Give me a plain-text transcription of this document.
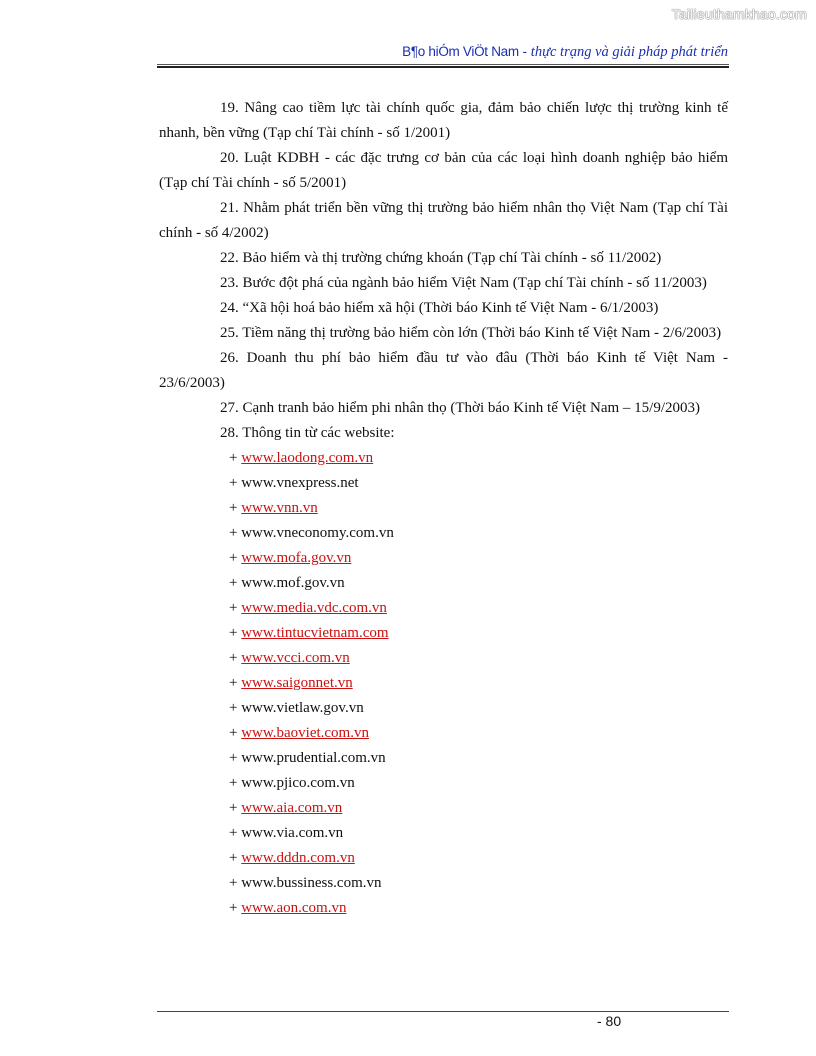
Tailieuthamkhao.com
B¶o hiÓm ViÖt Nam - thực trạng và giải pháp phát triển

19. Nâng cao tiềm lực tài chính quốc gia, đảm bảo chiến lược thị trường kinh tế nhanh, bền vững (Tạp chí Tài chính - số 1/2001)

20. Luật KDBH - các đặc trưng cơ bản của các loại hình doanh nghiệp bảo hiểm (Tạp chí Tài chính - số 5/2001)

21. Nhằm phát triển bền vững thị trường bảo hiểm nhân thọ Việt Nam (Tạp chí Tài chính - số 4/2002)

22. Bảo hiểm và thị trường chứng khoán (Tạp chí Tài chính - số 11/2002)

23. Bước đột phá của ngành bảo hiểm Việt Nam (Tạp chí Tài chính - số 11/2003)

24. “Xã hội hoá bảo hiểm xã hội (Thời báo Kinh tế Việt Nam - 6/1/2003)

25. Tiềm năng thị trường bảo hiểm còn lớn (Thời báo Kinh tế Việt Nam - 2/6/2003)

26. Doanh thu phí bảo hiểm đầu tư vào đâu (Thời báo Kinh tế Việt Nam - 23/6/2003)

27. Cạnh tranh bảo hiểm phi nhân thọ (Thời báo Kinh tế Việt Nam – 15/9/2003)

28. Thông tin từ các website:

+ www.laodong.com.vn

+ www.vnexpress.net

+ www.vnn.vn

+ www.vneconomy.com.vn

+ www.mofa.gov.vn

+ www.mof.gov.vn

+ www.media.vdc.com.vn

+ www.tintucvietnam.com

+ www.vcci.com.vn

+ www.saigonnet.vn

+ www.vietlaw.gov.vn

+ www.baoviet.com.vn

+ www.prudential.com.vn

+ www.pjico.com.vn

+ www.aia.com.vn

+ www.via.com.vn

+ www.dddn.com.vn

+ www.bussiness.com.vn

+ www.aon.com.vn

- 80
